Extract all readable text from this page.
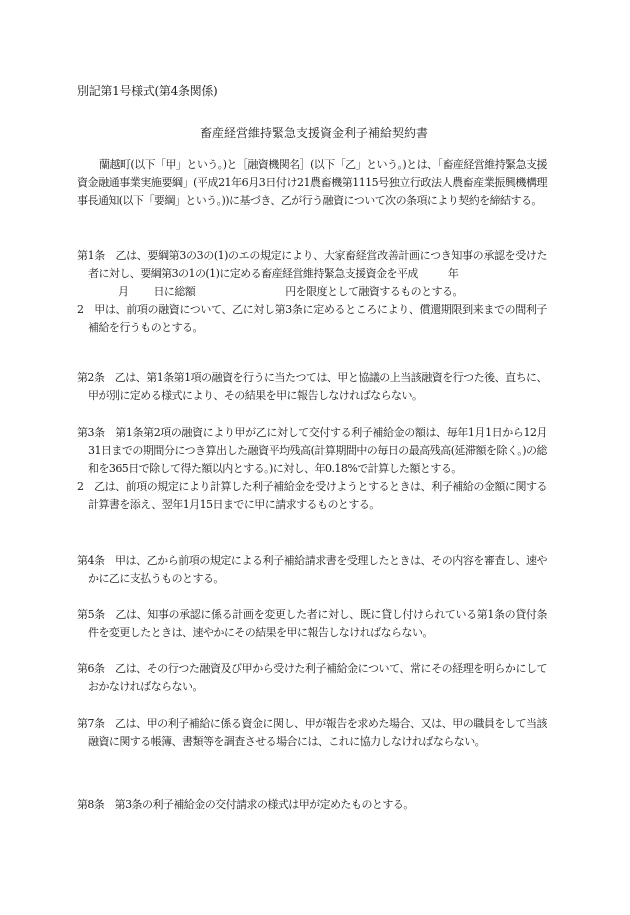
別記第1号様式(第4条関係)
畜産経営維持緊急支援資金利子補給契約書
蘭越町(以下「甲」という。)と［融資機関名］(以下「乙」という。)とは、「畜産経営維持緊急支援資金融通事業実施要綱」(平成21年6月3日付け21農畜機第1115号独立行政法人農畜産業振興機構理事長通知(以下「要綱」という。))に基づき、乙が行う融資について次の条項により契約を締結する。

第1条　 乙は、要綱第3の3の(1)のエの規定により、大家畜経営改善計画につき知事の承認を受けた者に対し、要綱第3の1の(1)に定める畜産経営維持緊急支援資金を平成	年
月 日に総額	円を限度として融資するものとする。

2　 甲は、前項の融資について、乙に対し第3条に定めるところにより、償還期限到来までの間利子補給を行うものとする。

第2条　 乙は、第1条第1項の融資を行うに当たつては、甲と協議の上当該融資を行つた後、直ちに、甲が別に定める様式により、その結果を甲に報告しなければならない。

第3条　 第1条第2項の融資により甲が乙に対して交付する利子補給金の額は、毎年1月1日から12月31日までの期間分につき算出した融資平均残高(計算期間中の毎日の最高残高(延滞額を除く。)の総和を365日で除して得た額以内とする。)に対し、年0.18%で計算した額とする。

2　 乙は、前項の規定により計算した利子補給金を受けようとするときは、利子補給の金額に関する計算書を添え、翌年1月15日までに甲に請求するものとする。

第4条　 甲は、乙から前項の規定による利子補給請求書を受理したときは、その内容を審査し、速やかに乙に支払うものとする。

第5条　 乙は、知事の承認に係る計画を変更した者に対し、既に貸し付けられている第1条の貸付条件を変更したときは、速やかにその結果を甲に報告しなければならない。

第6条　 乙は、その行つた融資及び甲から受けた利子補給金について、常にその経理を明らかにしておかなければならない。

第7条　 乙は、甲の利子補給に係る資金に関し、甲が報告を求めた場合、又は、甲の職員をして当該融資に関する帳簿、書類等を調査させる場合には、これに協力しなければならない。

第8条　 第3条の利子補給金の交付請求の様式は甲が定めたものとする。
